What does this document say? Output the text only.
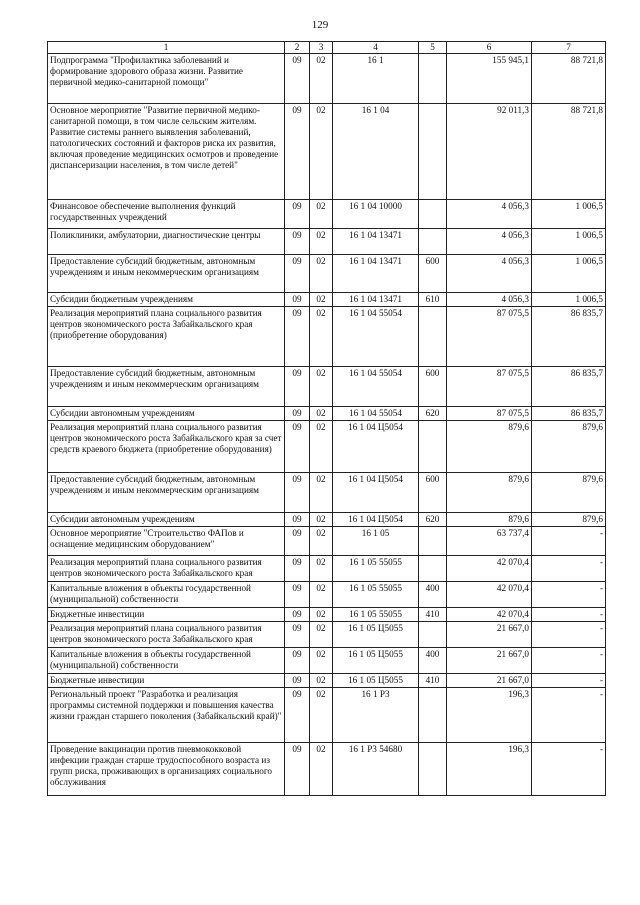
129
1	2	3	4	5	6	7
Подпрограмма "Профилактика заболеваний и формирование здорового образа жизни. Развитие первичной медико-санитарной помощи"	09	02	16 1		155 945,1	88 721,8
Основное мероприятие "Развитие первичной медико-санитарной помощи, в том числе сельским жителям. Развитие системы раннего выявления заболеваний, патологических состояний и факторов риска их развития, включая проведение медицинских осмотров и проведение диспансеризации населения, в том числе детей"	09	02	16 1 04		92 011,3	88 721,8
Финансовое обеспечение выполнения функций государственных учреждений	09	02	16 1 04 10000		4 056,3	1 006,5
Поликлиники, амбулатории, диагностические центры	09	02	16 1 04 13471		4 056,3	1 006,5
Предоставление субсидий бюджетным, автономным учреждениям и иным некоммерческим организациям	09	02	16 1 04 13471	600	4 056,3	1 006,5
Субсидии бюджетным учреждениям	09	02	16 1 04 13471	610	4 056,3	1 006,5
Реализация мероприятий плана социального развития центров экономического роста Забайкальского края (приобретение оборудования)	09	02	16 1 04 55054		87 075,5	86 835,7
Предоставление субсидий бюджетным, автономным учреждениям и иным некоммерческим организациям	09	02	16 1 04 55054	600	87 075,5	86 835,7
Субсидии автономным учреждениям	09	02	16 1 04 55054	620	87 075,5	86 835,7
Реализация мероприятий плана социального развития центров экономического роста Забайкальского края за счет средств краевого бюджета (приобретение оборудования)	09	02	16 1 04 Ц5054		879,6	879,6
Предоставление субсидий бюджетным, автономным учреждениям и иным некоммерческим организациям	09	02	16 1 04 Ц5054	600	879,6	879,6
Субсидии автономным учреждениям	09	02	16 1 04 Ц5054	620	879,6	879,6
Основное мероприятие "Строительство ФАПов и оснащение медицинским оборудованием"	09	02	16 1 05		63 737,4	-
Реализация мероприятий плана социального развития центров экономического роста Забайкальского края	09	02	16 1 05 55055		42 070,4	-
Капитальные вложения в объекты государственной (муниципальной) собственности	09	02	16 1 05 55055	400	42 070,4	-
Бюджетные инвестиции	09	02	16 1 05 55055	410	42 070,4	-
Реализация мероприятий плана социального развития центров экономического роста Забайкальского края	09	02	16 1 05 Ц5055		21 667,0	-
Капитальные вложения в объекты государственной (муниципальной) собственности	09	02	16 1 05 Ц5055	400	21 667,0	-
Бюджетные инвестиции	09	02	16 1 05 Ц5055	410	21 667,0	-
Региональный проект "Разработка и реализация программы системной поддержки и повышения качества жизни граждан старшего поколения (Забайкальский край)"	09	02	16 1 P3		196,3	-
Проведение вакцинации против пневмококковой инфекции граждан старше трудоспособного возраста из групп риска, проживающих в организациях социального обслуживания	09	02	16 1 P3 54680		196,3	-
